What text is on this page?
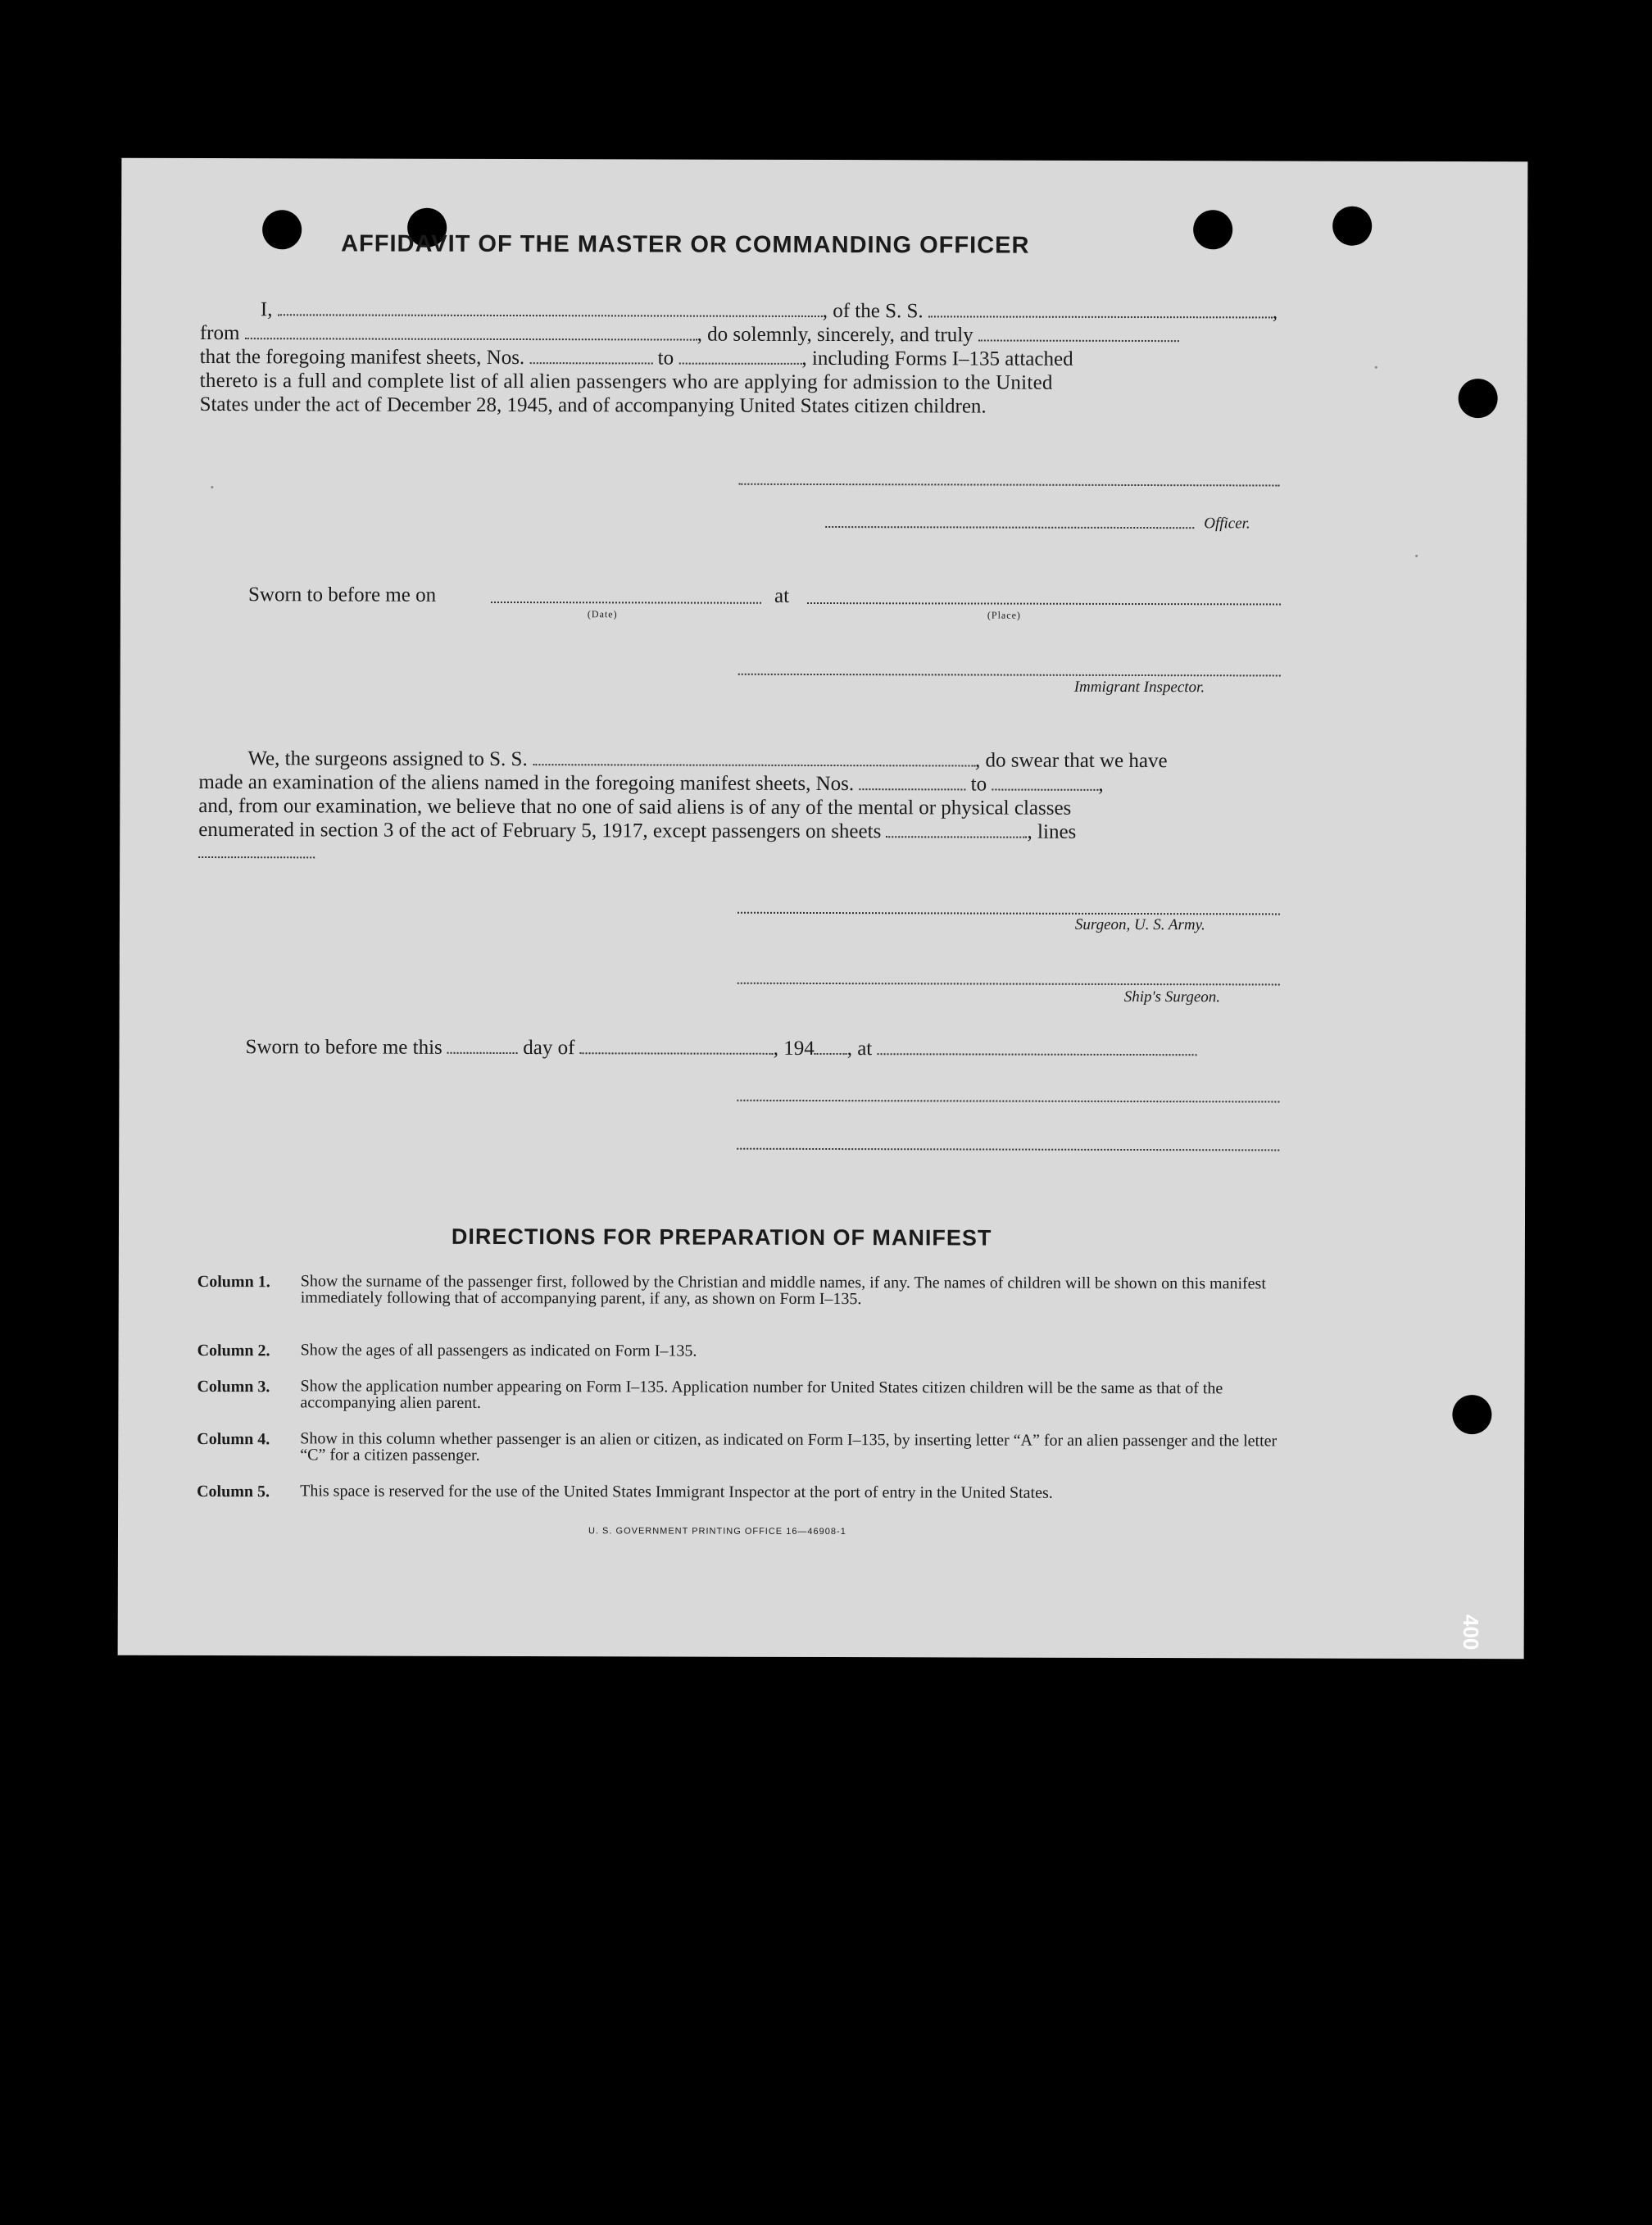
AFFIDAVIT OF THE MASTER OR COMMANDING OFFICER
I,	, of the S. S.	,
from	, do solemnly, sincerely, and truly
that the foregoing manifest sheets, Nos.	to	, including Forms I–135 attached
thereto is a full and complete list of all alien passengers who are applying for admission to the United
States under the act of December 28, 1945, and of accompanying United States citizen children.
Officer.
Sworn to before me on
(Date)
at
(Place)
Immigrant Inspector.
We, the surgeons assigned to S. S.	, do swear that we have
made an examination of the aliens named in the foregoing manifest sheets, Nos.	to	,
and, from our examination, we believe that no one of said aliens is of any of the mental or physical classes
enumerated in section 3 of the act of February 5, 1917, except passengers on sheets	, lines
Surgeon, U. S. Army.
Ship's Surgeon.
Sworn to before me this	day of	, 194 , at
DIRECTIONS FOR PREPARATION OF MANIFEST
Column 1. Show the surname of the passenger first, followed by the Christian and middle names, if any. The names of children will be shown on this manifest immediately following that of accompanying parent, if any, as shown on Form I–135.
Column 2. Show the ages of all passengers as indicated on Form I–135.
Column 3. Show the application number appearing on Form I–135. Application number for United States citizen children will be the same as that of the accompanying alien parent.
Column 4. Show in this column whether passenger is an alien or citizen, as indicated on Form I–135, by inserting letter “A” for an alien passenger and the letter “C” for a citizen passenger.
Column 5. This space is reserved for the use of the United States Immigrant Inspector at the port of entry in the United States.
U. S. GOVERNMENT PRINTING OFFICE 16—46908-1
400
